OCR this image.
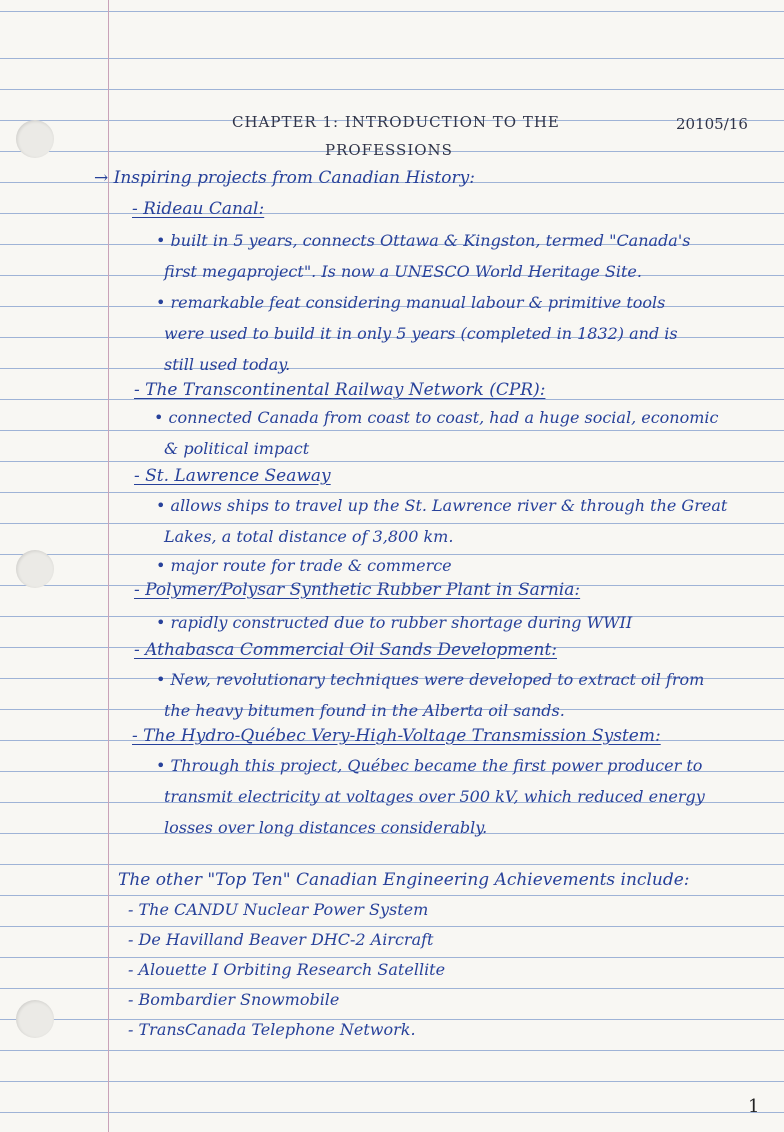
CHAPTER 1: INTRODUCTION TO THE
PROFESSIONS
20105/16
→ Inspiring projects from Canadian History:
- Rideau Canal:
• built in 5 years, connects Ottawa & Kingston, termed "Canada's
first megaproject". Is now a UNESCO World Heritage Site.
• remarkable feat considering manual labour & primitive tools
were used to build it in only 5 years (completed in 1832) and is
still used today.
- The Transcontinental Railway Network (CPR):
• connected Canada from coast to coast, had a huge social, economic
& political impact
- St. Lawrence Seaway
• allows ships to travel up the St. Lawrence river & through the Great
Lakes, a total distance of 3,800 km.
• major route for trade & commerce
- Polymer/Polysar Synthetic Rubber Plant in Sarnia:
• rapidly constructed due to rubber shortage during WWII
- Athabasca Commercial Oil Sands Development:
• New, revolutionary techniques were developed to extract oil from
the heavy bitumen found in the Alberta oil sands.
- The Hydro-Québec Very-High-Voltage Transmission System:
• Through this project, Québec became the first power producer to
transmit electricity at voltages over 500 kV, which reduced energy
losses over long distances considerably.
The other "Top Ten" Canadian Engineering Achievements include:
- The CANDU Nuclear Power System
- De Havilland Beaver DHC-2 Aircraft
- Alouette I Orbiting Research Satellite
- Bombardier Snowmobile
- TransCanada Telephone Network.
1
